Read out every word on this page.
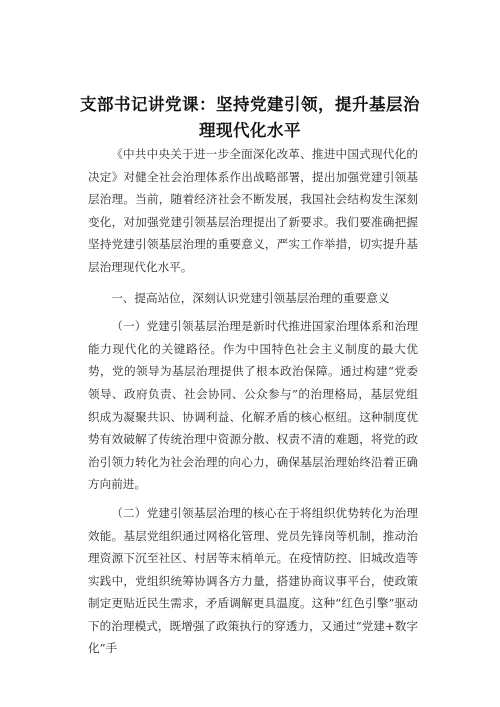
支部书记讲党课：坚持党建引领，提升基层治
理现代化水平

《中共中央关于进一步全面深化改革、推进中国式现代化的决定》对健全社会治理体系作出战略部署，提出加强党建引领基层治理。当前，随着经济社会不断发展，我国社会结构发生深刻变化，对加强党建引领基层治理提出了新要求。我们要准确把握坚持党建引领基层治理的重要意义，严实工作举措，切实提升基层治理现代化水平。

一、提高站位，深刻认识党建引领基层治理的重要意义

（一）党建引领基层治理是新时代推进国家治理体系和治理能力现代化的关键路径。作为中国特色社会主义制度的最大优势，党的领导为基层治理提供了根本政治保障。通过构建“党委领导、政府负责、社会协同、公众参与”的治理格局，基层党组织成为凝聚共识、协调利益、化解矛盾的核心枢纽。这种制度优势有效破解了传统治理中资源分散、权责不清的难题，将党的政治引领力转化为社会治理的向心力，确保基层治理始终沿着正确方向前进。

（二）党建引领基层治理的核心在于将组织优势转化为治理效能。基层党组织通过网格化管理、党员先锋岗等机制，推动治理资源下沉至社区、村居等末梢单元。在疫情防控、旧城改造等实践中，党组织统筹协调各方力量，搭建协商议事平台，使政策制定更贴近民生需求，矛盾调解更具温度。这种“红色引擎”驱动下的治理模式，既增强了政策执行的穿透力，又通过“党建+数字化”手
